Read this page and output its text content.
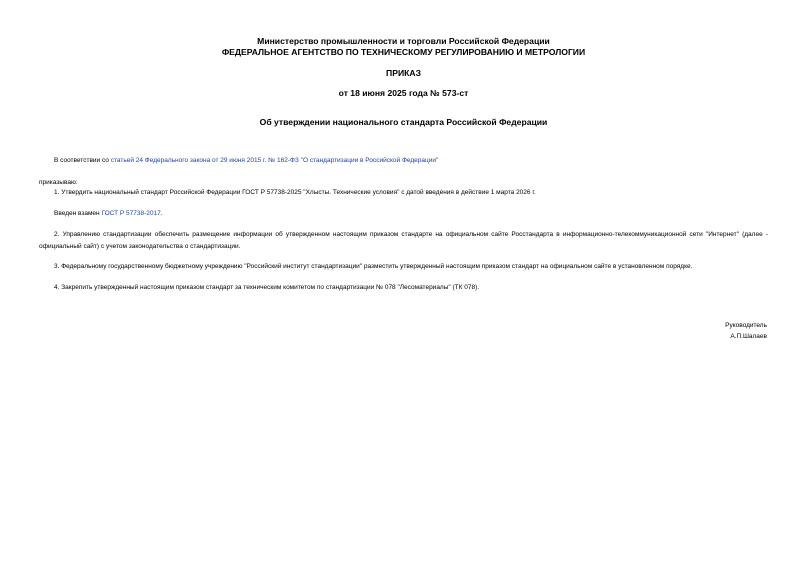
Министерство промышленности и торговли Российской Федерации
ФЕДЕРАЛЬНОЕ АГЕНТСТВО ПО ТЕХНИЧЕСКОМУ РЕГУЛИРОВАНИЮ И МЕТРОЛОГИИ
ПРИКАЗ
от 18 июня 2025 года № 573-ст
Об утверждении национального стандарта Российской Федерации
В соответствии со статьей 24 Федерального закона от 29 июня 2015 г. № 162-ФЗ "О стандартизации в Российской Федерации"
приказываю:
1. Утвердить национальный стандарт Российской Федерации ГОСТ Р 57738-2025 "Хлысты. Технические условия" с датой введения в действие 1 марта 2026 г.
Введен взамен ГОСТ Р 57738-2017.
2. Управлению стандартизации обеспечить размещение информации об утвержденном настоящим приказом стандарте на официальном сайте Росстандарта в информационно-телекоммуникационной сети "Интернет" (далее - официальный сайт) с учетом законодательства о стандартизации.
3. Федеральному государственному бюджетному учреждению "Российский институт стандартизации" разместить утвержденный настоящим приказом стандарт на официальном сайте в установленном порядке.
4. Закрепить утвержденный настоящим приказом стандарт за техническим комитетом по стандартизации № 078 "Лесоматериалы" (ТК 078).
Руководитель
А.П.Шалаев
